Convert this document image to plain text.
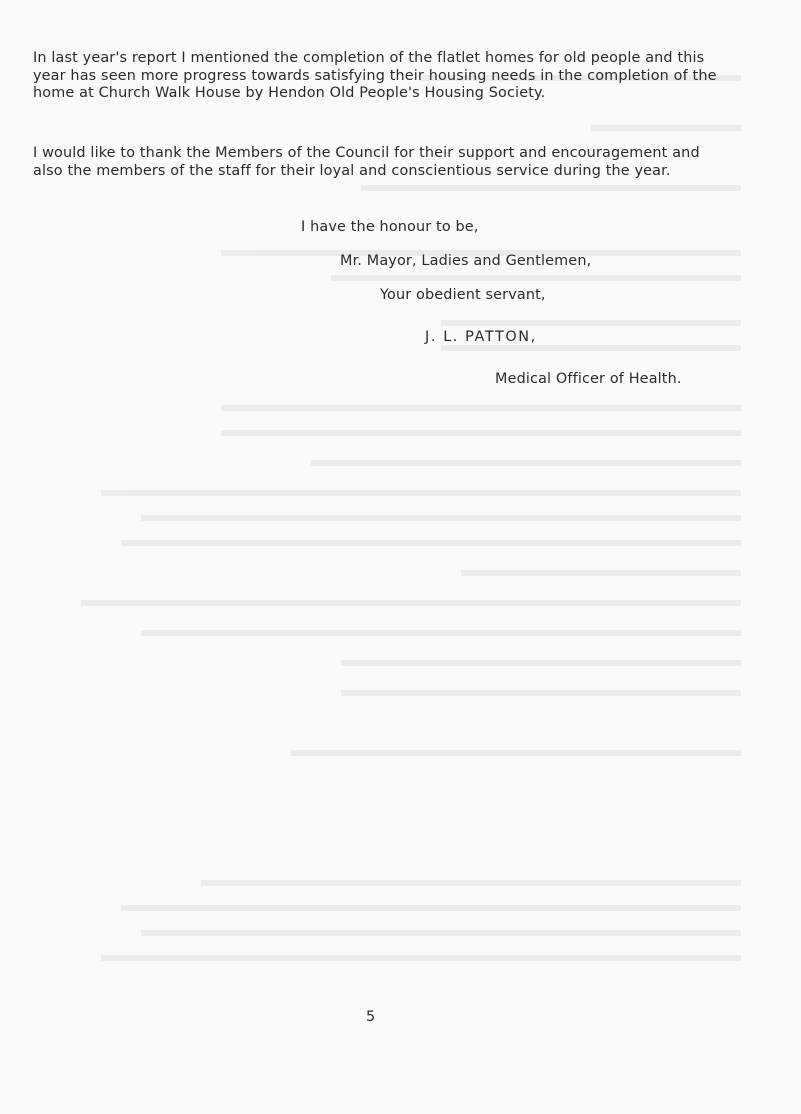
In last year's report I mentioned the completion of the flatlet homes for old people and this year has seen more progress towards satisfying their housing needs in the completion of the home at Church Walk House by Hendon Old People's Housing Society.

I would like to thank the Members of the Council for their support and encouragement and also the members of the staff for their loyal and conscientious service during the year.

I have the honour to be,
Mr. Mayor, Ladies and Gentlemen,
Your obedient servant,
J. L. PATTON,
Medical Officer of Health.
5
